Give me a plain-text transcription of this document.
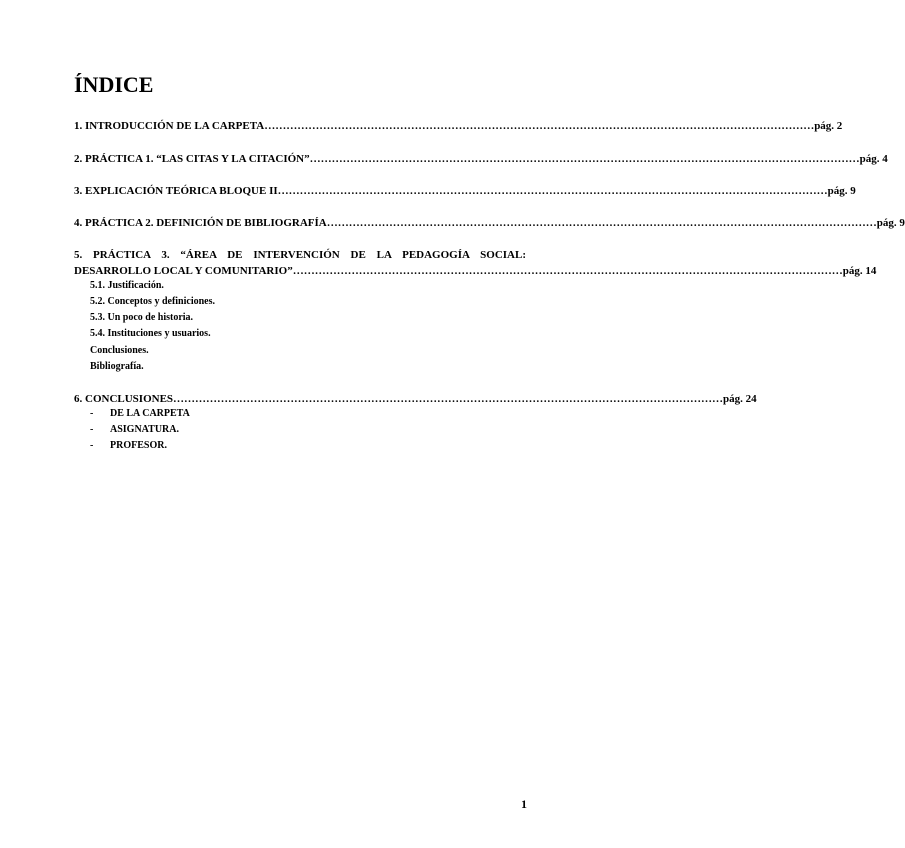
ÍNDICE
1. INTRODUCCIÓN DE LA CARPETA …………………………………………………………………………………………………………………………………… pág. 2
2. PRÁCTICA 1. “LAS CITAS Y LA CITACIÓN” …………………………………………………………………………………………………………………………………… pág. 4
3. EXPLICACIÓN TEÓRICA BLOQUE II …………………………………………………………………………………………………………………………………… pág. 9
4. PRÁCTICA 2. DEFINICIÓN DE BIBLIOGRAFÍA …………………………………………………………………………………………………………………………………… pág. 9
5. PRÁCTICA 3. “ÁREA DE INTERVENCIÓN DE LA PEDAGOGÍA SOCIAL:
DESARROLLO LOCAL Y COMUNITARIO” …………………………………………………………………………………………………………………………………… pág. 14
5.1. Justificación.
5.2. Conceptos y definiciones.
5.3. Un poco de historia.
5.4. Instituciones y usuarios.
Conclusiones.
Bibliografía.
6. CONCLUSIONES …………………………………………………………………………………………………………………………………… pág. 24
- DE LA CARPETA
- ASIGNATURA.
- PROFESOR.
1
